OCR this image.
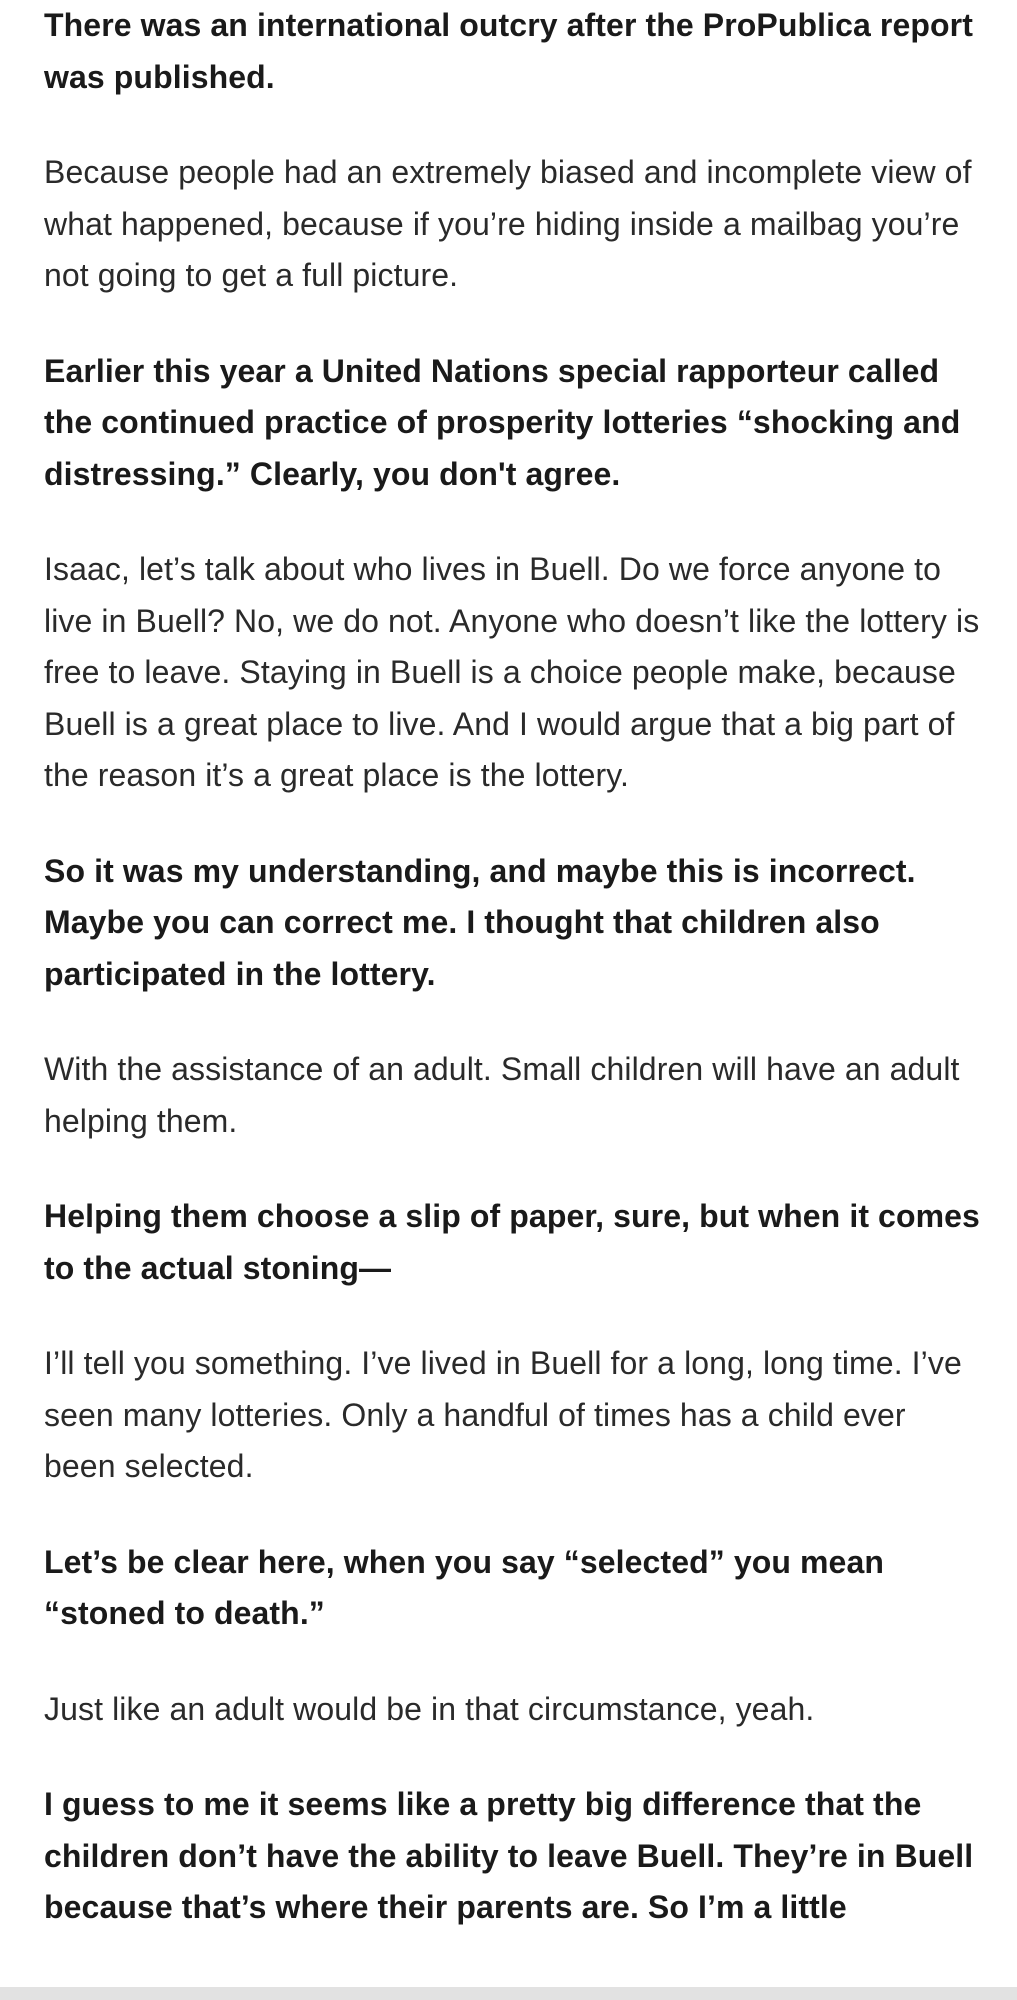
There was an international outcry after the ProPublica report was published.

Because people had an extremely biased and incomplete view of what happened, because if you’re hiding inside a mailbag you’re not going to get a full picture.

Earlier this year a United Nations special rapporteur called the continued practice of prosperity lotteries “shocking and distressing.” Clearly, you don't agree.

Isaac, let’s talk about who lives in Buell. Do we force anyone to live in Buell? No, we do not. Anyone who doesn’t like the lottery is free to leave. Staying in Buell is a choice people make, because Buell is a great place to live. And I would argue that a big part of the reason it’s a great place is the lottery.

So it was my understanding, and maybe this is incorrect. Maybe you can correct me. I thought that children also participated in the lottery.

With the assistance of an adult. Small children will have an adult helping them.

Helping them choose a slip of paper, sure, but when it comes to the actual stoning—

I’ll tell you something. I’ve lived in Buell for a long, long time. I’ve seen many lotteries. Only a handful of times has a child ever been selected.

Let’s be clear here, when you say “selected” you mean “stoned to death.”

Just like an adult would be in that circumstance, yeah.

I guess to me it seems like a pretty big difference that the children don’t have the ability to leave Buell. They’re in Buell because that’s where their parents are. So I’m a little
